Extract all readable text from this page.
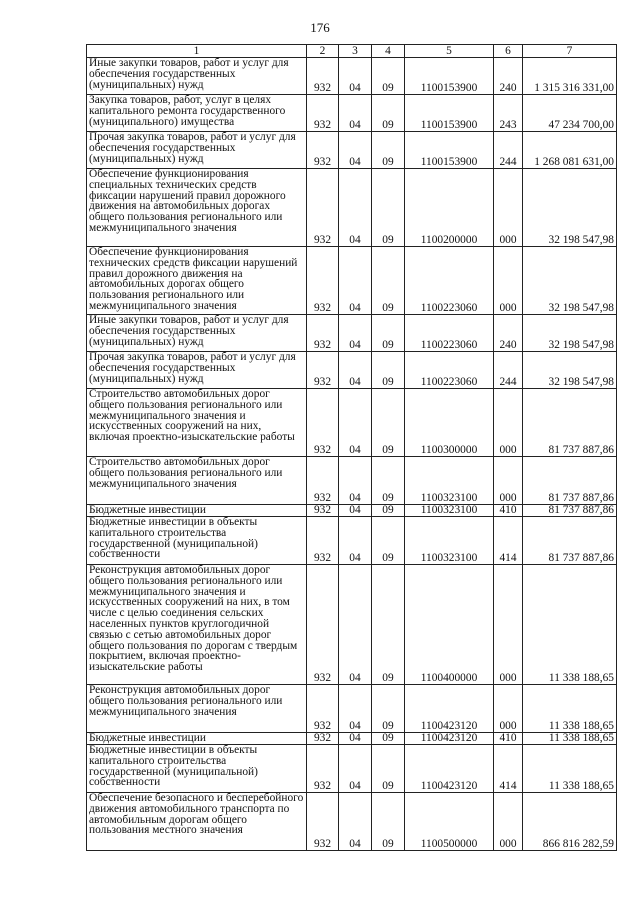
176
1	2	3	4	5	6	7
Иные закупки товаров, работ и услуг для обеспечения государственных (муниципальных) нужд	932	04	09	1100153900	240	1 315 316 331,00
Закупка товаров, работ, услуг в целях капитального ремонта государственного (муниципального) имущества	932	04	09	1100153900	243	47 234 700,00
Прочая закупка товаров, работ и услуг для обеспечения государственных (муниципальных) нужд	932	04	09	1100153900	244	1 268 081 631,00
Обеспечение функционирования специальных технических средств фиксации нарушений правил дорожного движения на автомобильных дорогах общего пользования регионального или межмуниципального значения	932	04	09	1100200000	000	32 198 547,98
Обеспечение функционирования технических средств фиксации нарушений правил дорожного движения на автомобильных дорогах общего пользования регионального или межмуниципального значения	932	04	09	1100223060	000	32 198 547,98
Иные закупки товаров, работ и услуг для обеспечения государственных (муниципальных) нужд	932	04	09	1100223060	240	32 198 547,98
Прочая закупка товаров, работ и услуг для обеспечения государственных (муниципальных) нужд	932	04	09	1100223060	244	32 198 547,98
Строительство автомобильных дорог общего пользования регионального или межмуниципального значения и искусственных сооружений на них, включая проектно-изыскательские работы	932	04	09	1100300000	000	81 737 887,86
Строительство автомобильных дорог общего пользования регионального или межмуниципального значения	932	04	09	1100323100	000	81 737 887,86
Бюджетные инвестиции	932	04	09	1100323100	410	81 737 887,86
Бюджетные инвестиции в объекты капитального строительства государственной (муниципальной) собственности	932	04	09	1100323100	414	81 737 887,86
Реконструкция автомобильных дорог общего пользования регионального или межмуниципального значения и искусственных сооружений на них, в том числе с целью соединения сельских населенных пунктов круглогодичной связью с сетью автомобильных дорог общего пользования по дорогам с твердым покрытием, включая проектно-изыскательские работы	932	04	09	1100400000	000	11 338 188,65
Реконструкция автомобильных дорог общего пользования регионального или межмуниципального значения	932	04	09	1100423120	000	11 338 188,65
Бюджетные инвестиции	932	04	09	1100423120	410	11 338 188,65
Бюджетные инвестиции в объекты капитального строительства государственной (муниципальной) собственности	932	04	09	1100423120	414	11 338 188,65
Обеспечение безопасного и бесперебойного движения автомобильного транспорта по автомобильным дорогам общего пользования местного значения	932	04	09	1100500000	000	866 816 282,59
